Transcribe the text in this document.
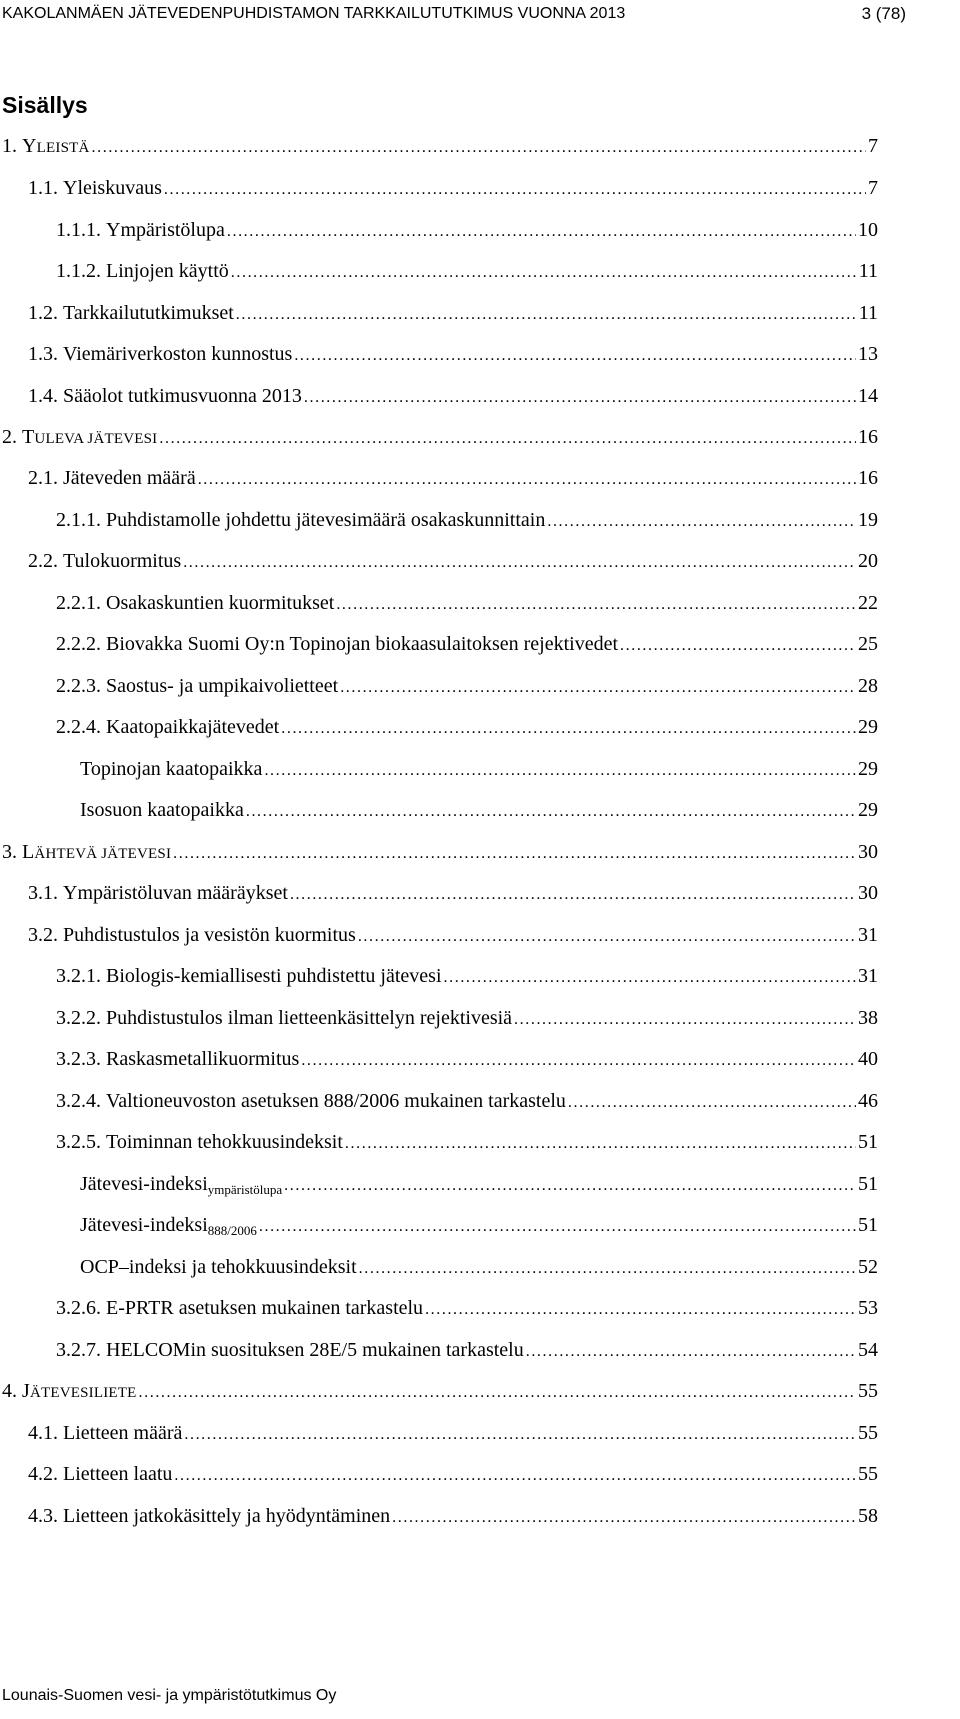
KAKOLANMÄEN JÄTEVEDENPUHDISTAMON TARKKAILUTUTKIMUS VUONNA 2013	3 (78)
Sisällys
1. YLEISTÄ .....	7
1.1. Yleiskuvaus .....	7
1.1.1. Ympäristölupa .....	10
1.1.2. Linjojen käyttö .....	11
1.2. Tarkkailututkimukset .....	11
1.3. Viemäriverkoston kunnostus .....	13
1.4. Sääolot tutkimusvuonna 2013 .....	14
2. TULEVA JÄTEVESI .....	16
2.1. Jäteveden määrä .....	16
2.1.1. Puhdistamolle johdettu jätevesimäärä osakaskunnittain .....	19
2.2. Tulokuormitus .....	20
2.2.1. Osakaskuntien kuormitukset .....	22
2.2.2. Biovakka Suomi Oy:n Topinojan biokaasulaitoksen rejektivedet .....	25
2.2.3. Saostus- ja umpikaivolietteet .....	28
2.2.4. Kaatopaikkajätevedet .....	29
Topinojan kaatopaikka .....	29
Isosuon kaatopaikka .....	29
3. LÄHTEVÄ JÄTEVESI .....	30
3.1. Ympäristöluvan määräykset .....	30
3.2. Puhdistustulos ja vesistön kuormitus .....	31
3.2.1. Biologis-kemiallisesti puhdistettu jätevesi .....	31
3.2.2. Puhdistustulos ilman lietteenkäsittelyn rejektivesiä .....	38
3.2.3. Raskasmetallikuormitus .....	40
3.2.4. Valtioneuvoston asetuksen 888/2006 mukainen tarkastelu .....	46
3.2.5. Toiminnan tehokkuusindeksit .....	51
Jätevesi-indeksi$_{ympäristölupa}$ .....	51
Jätevesi-indeksi$_{888/2006}$ .....	51
OCP–indeksi ja tehokkuusindeksit .....	52
3.2.6. E-PRTR asetuksen mukainen tarkastelu .....	53
3.2.7. HELCOMin suosituksen 28E/5 mukainen tarkastelu .....	54
4. JÄTEVESILIETE .....	55
4.1. Lietteen määrä .....	55
4.2. Lietteen laatu .....	55
4.3. Lietteen jatkokäsittely ja hyödyntäminen .....	58
Lounais-Suomen vesi- ja ympäristötutkimus Oy
